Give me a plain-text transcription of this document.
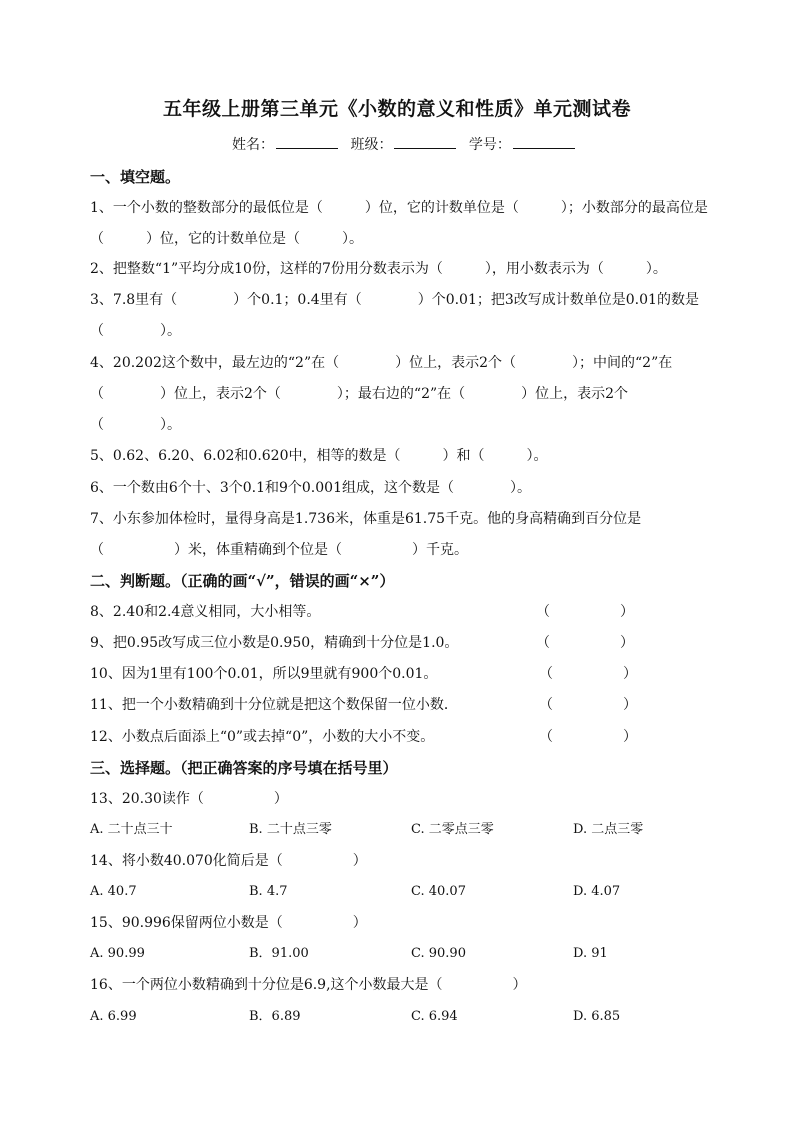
五年级上册第三单元《小数的意义和性质》单元测试卷
姓名：	班级：	学号：
一、填空题。
1、一个小数的整数部分的最低位是（　　　）位，它的计数单位是（　　　）；小数部分的最高位是
（　　　）位，它的计数单位是（　　　）。
2、把整数“1”平均分成10份，这样的7份用分数表示为（　　　），用小数表示为（　　　）。
3、7.8里有（　　　　）个0.1；0.4里有（　　　　）个0.01；把3改写成计数单位是0.01的数是
（　　　　）。
4、20.202这个数中，最左边的“2”在（　　　　）位上，表示2个（　　　　）；中间的“2”在
（　　　　）位上，表示2个（　　　　）；最右边的“2”在（　　　　）位上，表示2个
（　　　　）。
5、0.62、6.20、6.02和0.620中，相等的数是（　　　）和（　　　）。
6、一个数由6个十、3个0.1和9个0.001组成，这个数是（　　　　）。
7、小东参加体检时，量得身高是1.736米，体重是61.75千克。他的身高精确到百分位是
（　　　　　）米，体重精确到个位是（　　　　　）千克。
二、判断题。（正确的画“√”，错误的画“×”）
8、2.40和2.4意义相同，大小相等。	（　　　　　）
9、把0.95改写成三位小数是0.950，精确到十分位是1.0。	（　　　　　）
10、因为1里有100个0.01，所以9里就有900个0.01。	（　　　　　）
11、把一个小数精确到十分位就是把这个数保留一位小数．	（　　　　　）
12、小数点后面添上“0”或去掉“0”，小数的大小不变。	（　　　　　）
三、选择题。（把正确答案的序号填在括号里）
13、20.30读作（　　　　　）
A. 二十点三十	B. 二十点三零	C. 二零点三零	D. 二点三零
14、将小数40.070化简后是（　　　　　）
A. 40.7	B. 4.7	C. 40.07	D. 4.07
15、90.996保留两位小数是（　　　　　）
A. 90.99	B．91.00	C. 90.90	D. 91
16、一个两位小数精确到十分位是6.9,这个小数最大是（　　　　　）
A. 6.99	B．6.89	C. 6.94	D. 6.85
